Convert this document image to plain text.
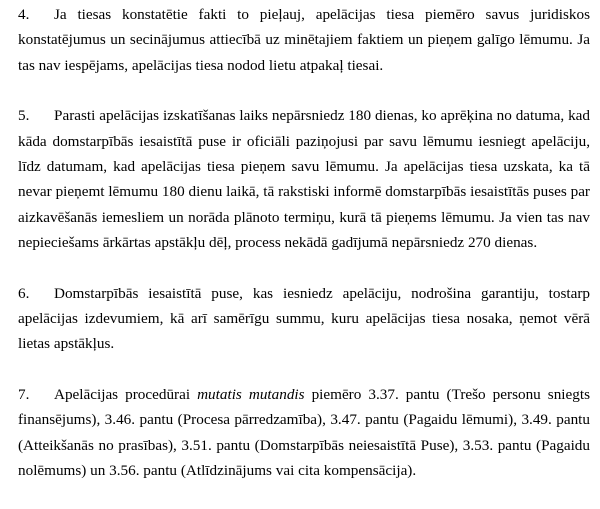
4. Ja tiesas konstatētie fakti to pieļauj, apelācijas tiesa piemēro savus juridiskos konstatējumus un secinājumus attiecībā uz minētajiem faktiem un pieņem galīgo lēmumu. Ja tas nav iespējams, apelācijas tiesa nodod lietu atpakaļ tiesai.

5. Parasti apelācijas izskatīšanas laiks nepārsniedz 180 dienas, ko aprēķina no datuma, kad kāda domstarpībās iesaistītā puse ir oficiāli paziņojusi par savu lēmumu iesniegt apelāciju, līdz datumam, kad apelācijas tiesa pieņem savu lēmumu. Ja apelācijas tiesa uzskata, ka tā nevar pieņemt lēmumu 180 dienu laikā, tā rakstiski informē domstarpībās iesaistītās puses par aizkavēšanās iemesliem un norāda plānoto termiņu, kurā tā pieņems lēmumu. Ja vien tas nav nepieciešams ārkārtas apstākļu dēļ, process nekādā gadījumā nepārsniedz 270 dienas.

6. Domstarpībās iesaistītā puse, kas iesniedz apelāciju, nodrošina garantiju, tostarp apelācijas izdevumiem, kā arī samērīgu summu, kuru apelācijas tiesa nosaka, ņemot vērā lietas apstākļus.

7. Apelācijas procedūrai mutatis mutandis piemēro 3.37. pantu (Trešo personu sniegts finansējums), 3.46. pantu (Procesa pārredzamība), 3.47. pantu (Pagaidu lēmumi), 3.49. pantu (Atteikšanās no prasības), 3.51. pantu (Domstarpībās neiesaistītā Puse), 3.53. pantu (Pagaidu nolēmums) un 3.56. pantu (Atlīdzinājums vai cita kompensācija).
